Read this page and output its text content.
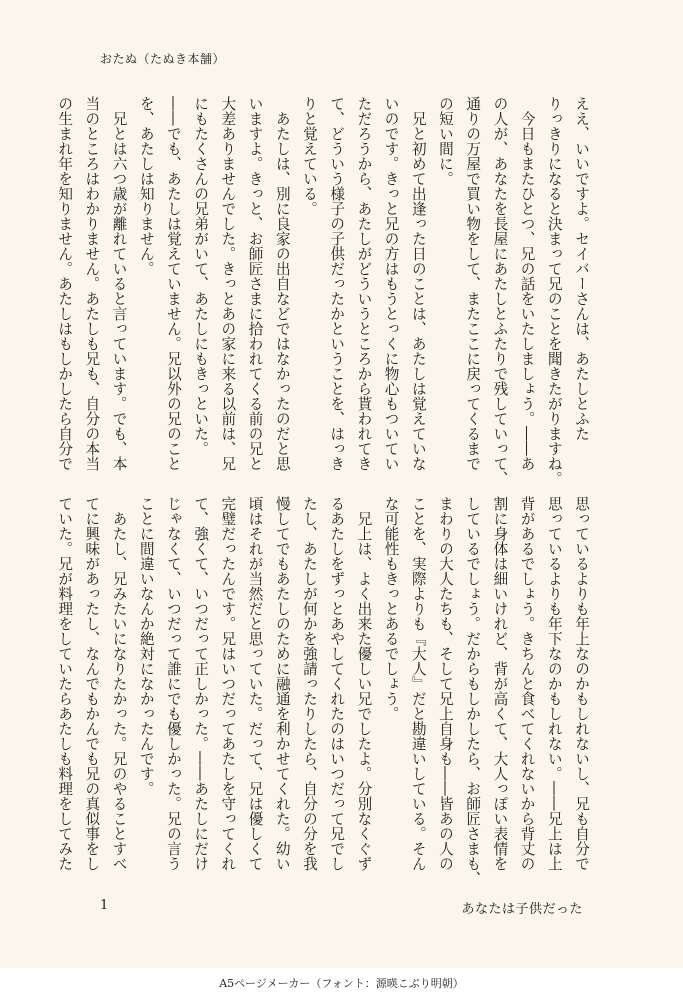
おたぬ（たぬき本舗）
ええ、いいですよ。セイバーさんは、あたしとふた
りっきりになると決まって兄のことを聞きたがりますね。
　今日もまたひとつ、兄の話をいたしましょう。――あ
の人が、あなたを長屋にあたしとふたりで残していって、
通りの万屋で買い物をして、またここに戻ってくるまで
の短い間に。
　兄と初めて出逢った日のことは、あたしは覚えていな
いのです。きっと兄の方はもうとっくに物心もついてい
ただろうから、あたしがどういうところから貰われてき
て、どういう様子の子供だったかということを、はっき
りと覚えている。
　あたしは、別に良家の出自などではなかったのだと思
いますよ。きっと、お師匠さまに拾われてくる前の兄と
大差ありませんでした。きっとあの家に来る以前は、兄
にもたくさんの兄弟がいて、あたしにもきっといた。
――でも、あたしは覚えていません。兄以外の兄のこと
を、あたしは知りません。
　兄とは六つ歳が離れていると言っています。でも、本
当のところはわかりません。あたしも兄も、自分の本当
の生まれ年を知りません。あたしはもしかしたら自分で
思っているよりも年上なのかもしれないし、兄も自分で
思っているよりも年下なのかもしれない。――兄上は上
背があるでしょう。きちんと食べてくれないから背丈の
割に身体は細いけれど、背が高くて、大人っぽい表情を
しているでしょう。だからもしかしたら、お師匠さまも、
まわりの大人たちも、そして兄上自身も――皆あの人の
ことを、実際よりも『大人』だと勘違いしている。そん
な可能性もきっとあるでしょう。
　兄上は、よく出来た優しい兄でしたよ。分別なくぐず
るあたしをずっとあやしてくれたのはいつだって兄でし
たし、あたしが何かを強請ったりしたら、自分の分を我
慢してでもあたしのために融通を利かせてくれた。幼い
頃はそれが当然だと思っていた。だって、兄は優しくて
完璧だったんです。兄はいつだってあたしを守ってくれ
て、強くて、いつだって正しかった。――あたしにだけ
じゃなくて、いつだって誰にでも優しかった。兄の言う
ことに間違いなんか絶対になかったんです。
　あたし、兄みたいになりたかった。兄のやることすべ
てに興味があったし、なんでもかんでも兄の真似事をし
ていた。兄が料理をしていたらあたしも料理をしてみた
1	あなたは子供だった
A5ページメーカー（フォント：源暎こぶり明朝）
